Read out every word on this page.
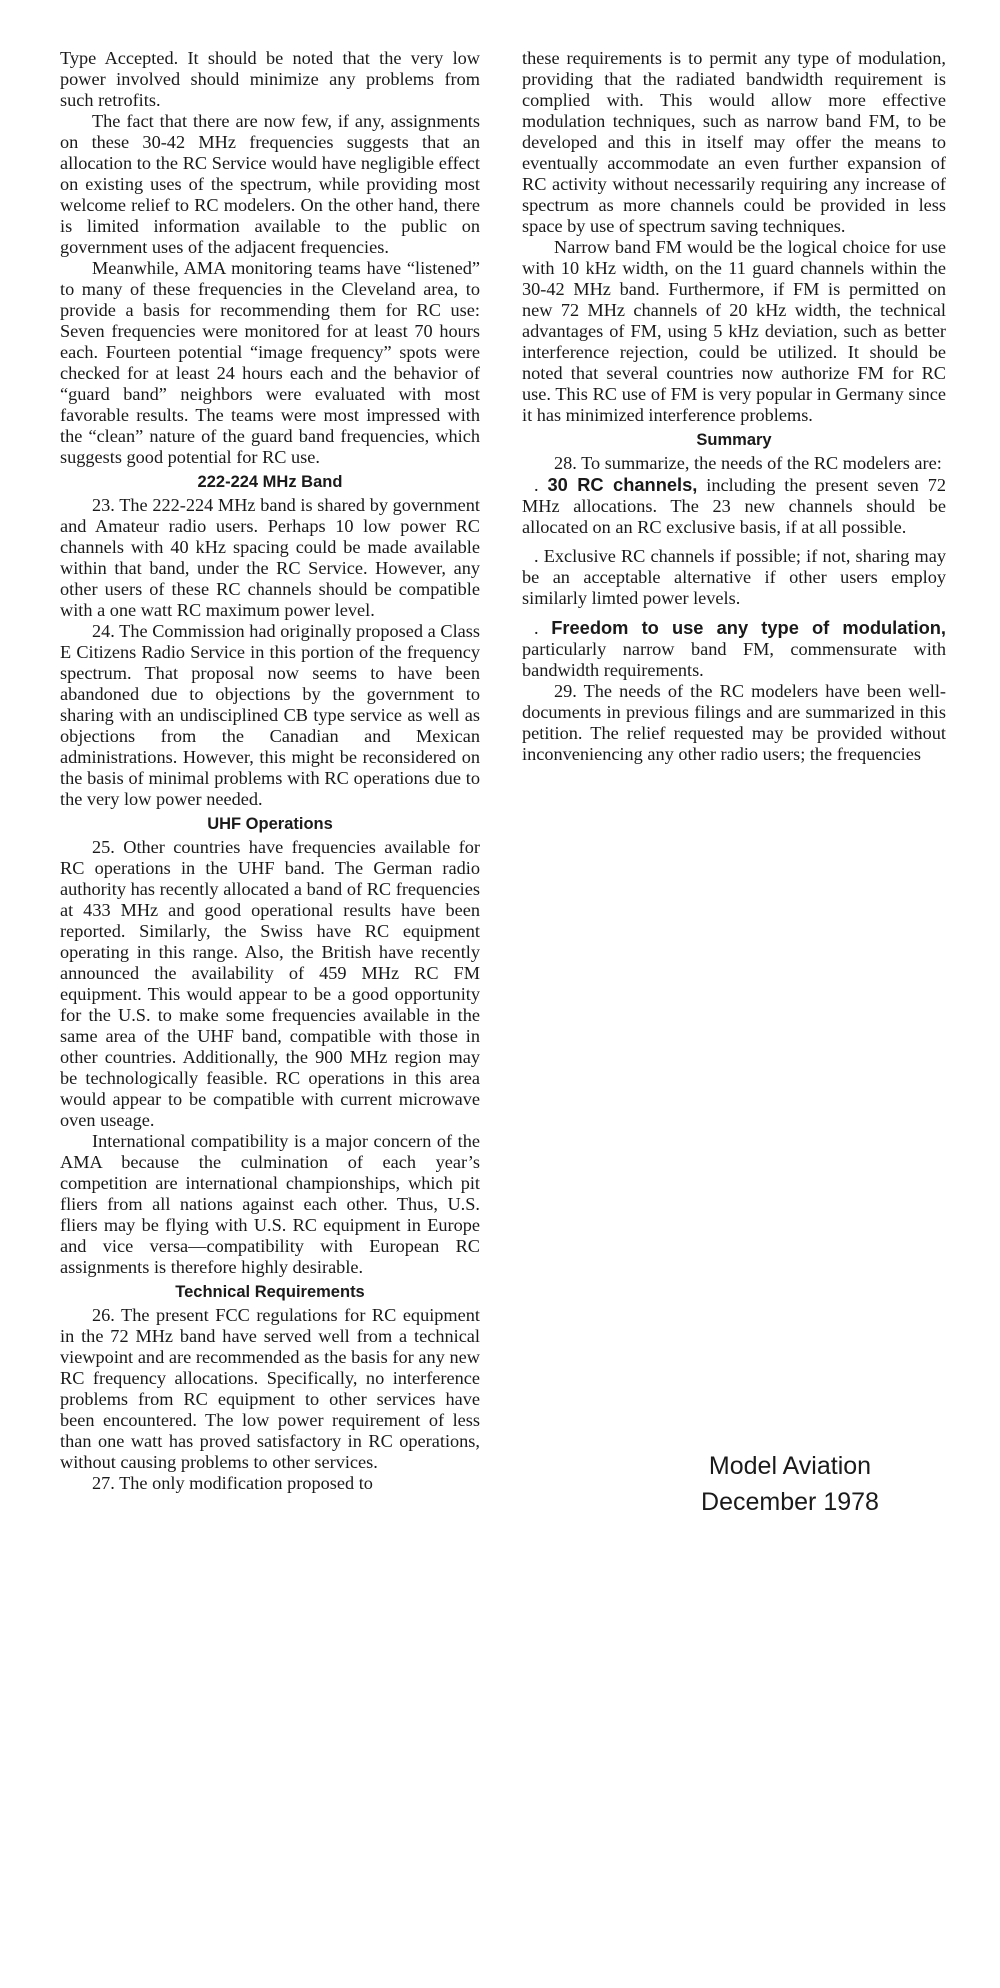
Type Accepted. It should be noted that the very low power involved should minimize any problems from such retrofits.

The fact that there are now few, if any, assignments on these 30-42 MHz frequencies suggests that an allocation to the RC Service would have negligible effect on existing uses of the spectrum, while providing most welcome relief to RC modelers. On the other hand, there is limited information available to the public on government uses of the adjacent frequencies.

Meanwhile, AMA monitoring teams have “listened” to many of these frequencies in the Cleveland area, to provide a basis for recommending them for RC use: Seven frequencies were monitored for at least 70 hours each. Fourteen potential “image frequency” spots were checked for at least 24 hours each and the behavior of “guard band” neighbors were evaluated with most favorable results. The teams were most impressed with the “clean” nature of the guard band frequencies, which suggests good potential for RC use.

222-224 MHz Band

23. The 222-224 MHz band is shared by government and Amateur radio users. Perhaps 10 low power RC channels with 40 kHz spacing could be made available within that band, under the RC Service. However, any other users of these RC channels should be compatible with a one watt RC maximum power level.

24. The Commission had originally proposed a Class E Citizens Radio Service in this portion of the frequency spectrum. That proposal now seems to have been abandoned due to objections by the government to sharing with an undisciplined CB type service as well as objections from the Canadian and Mexican administrations. However, this might be reconsidered on the basis of minimal problems with RC operations due to the very low power needed.

UHF Operations

25. Other countries have frequencies available for RC operations in the UHF band. The German radio authority has recently allocated a band of RC frequencies at 433 MHz and good operational results have been reported. Similarly, the Swiss have RC equipment operating in this range. Also, the British have recently announced the availability of 459 MHz RC FM equipment. This would appear to be a good opportunity for the U.S. to make some frequencies available in the same area of the UHF band, compatible with those in other countries. Additionally, the 900 MHz region may be technologically feasible. RC operations in this area would appear to be compatible with current microwave oven useage.

International compatibility is a major concern of the AMA because the culmination of each year’s competition are international championships, which pit fliers from all nations against each other. Thus, U.S. fliers may be flying with U.S. RC equipment in Europe and vice versa—compatibility with European RC assignments is therefore highly desirable.

Technical Requirements

26. The present FCC regulations for RC equipment in the 72 MHz band have served well from a technical viewpoint and are recommended as the basis for any new RC frequency allocations. Specifically, no interference problems from RC equipment to other services have been encountered. The low power requirement of less than one watt has proved satisfactory in RC operations, without causing problems to other services.

27. The only modification proposed to

these requirements is to permit any type of modulation, providing that the radiated bandwidth requirement is complied with. This would allow more effective modulation techniques, such as narrow band FM, to be developed and this in itself may offer the means to eventually accommodate an even further expansion of RC activity without necessarily requiring any increase of spectrum as more channels could be provided in less space by use of spectrum saving techniques.

Narrow band FM would be the logical choice for use with 10 kHz width, on the 11 guard channels within the 30-42 MHz band. Furthermore, if FM is permitted on new 72 MHz channels of 20 kHz width, the technical advantages of FM, using 5 kHz deviation, such as better interference rejection, could be utilized. It should be noted that several countries now authorize FM for RC use. This RC use of FM is very popular in Germany since it has minimized interference problems.

Summary

28. To summarize, the needs of the RC modelers are:

. 30 RC channels, including the present seven 72 MHz allocations. The 23 new channels should be allocated on an RC exclusive basis, if at all possible.

. Exclusive RC channels if possible; if not, sharing may be an acceptable alternative if other users employ similarly limted power levels.

. Freedom to use any type of modulation, particularly narrow band FM, commensurate with bandwidth requirements.

29. The needs of the RC modelers have been well-documents in previous filings and are summarized in this petition. The relief requested may be provided without inconveniencing any other radio users; the frequencies

Model Aviation
December 1978
